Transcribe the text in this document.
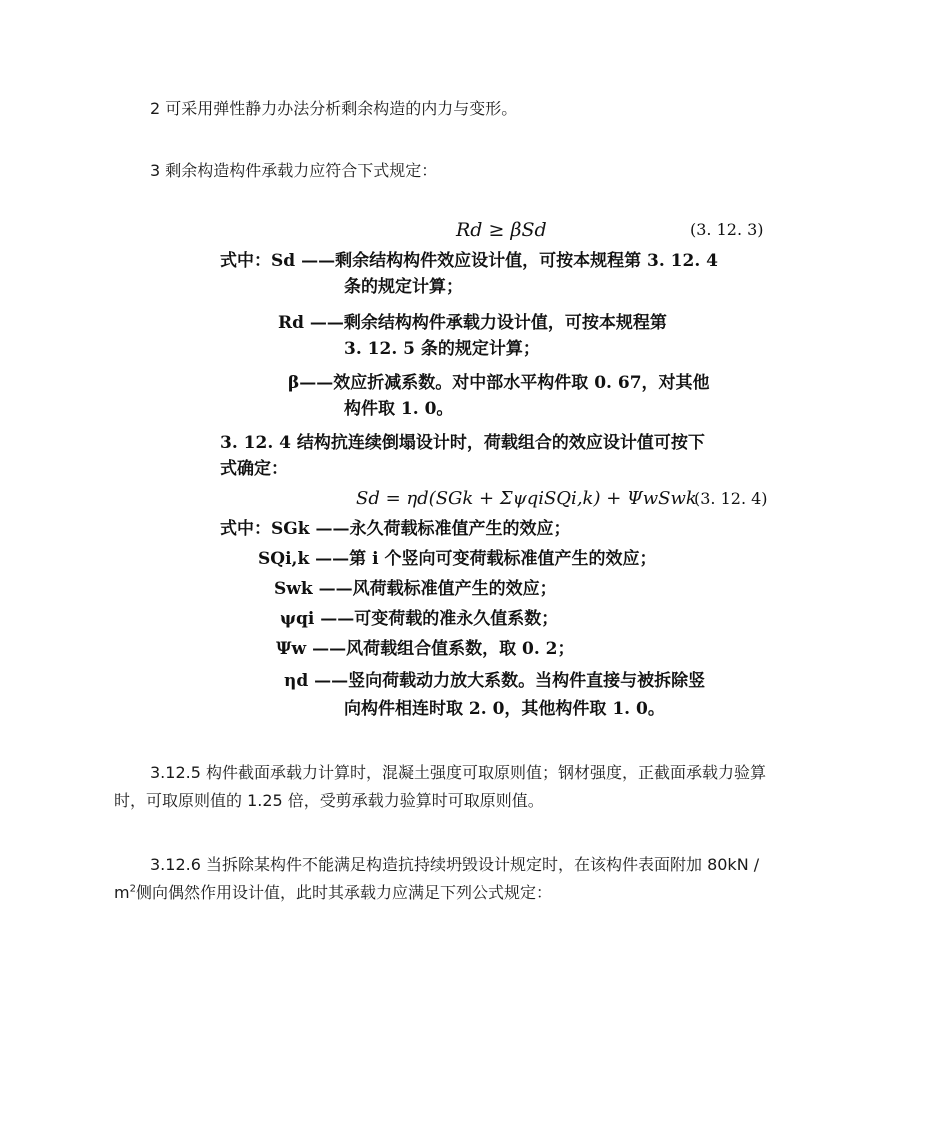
2 可采用弹性静力办法分析剩余构造的内力与变形。
3 剩余构造构件承载力应符合下式规定：
Rd ≥ βSd	(3. 12. 3)
式中：Sd ——剩余结构构件效应设计值，可按本规程第 3. 12. 4
条的规定计算；
Rd ——剩余结构构件承载力设计值，可按本规程第
3. 12. 5 条的规定计算；
β——效应折减系数。对中部水平构件取 0. 67，对其他
构件取 1. 0。
3. 12. 4 结构抗连续倒塌设计时，荷载组合的效应设计值可按下
式确定：
Sd = ηd(SGk + ΣψqiSQi,k) + ΨwSwk
(3. 12. 4)
式中：SGk ——永久荷载标准值产生的效应；
SQi,k ——第 i 个竖向可变荷载标准值产生的效应；
Swk ——风荷载标准值产生的效应；
ψqi ——可变荷载的准永久值系数；
Ψw ——风荷载组合值系数，取 0. 2；
ηd ——竖向荷载动力放大系数。当构件直接与被拆除竖
向构件相连时取 2. 0，其他构件取 1. 0。
3.12.5 构件截面承载力计算时，混凝土强度可取原则值；钢材强度，正截面承载力验算
时，可取原则值的 1.25 倍，受剪承载力验算时可取原则值。
3.12.6 当拆除某构件不能满足构造抗持续坍毁设计规定时，在该构件表面附加 80kN /
$m^2$侧向偶然作用设计值，此时其承载力应满足下列公式规定：
